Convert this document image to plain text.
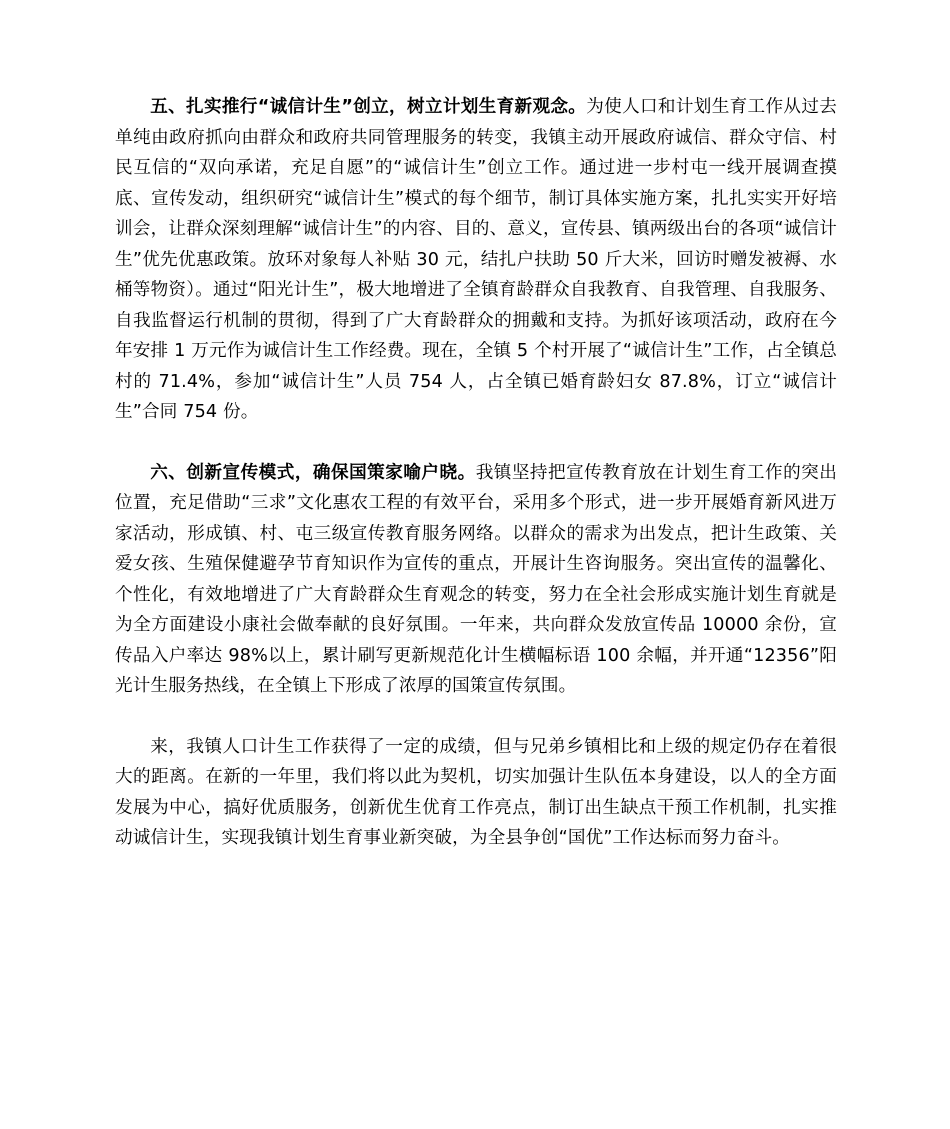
五、扎实推行“诚信计生”创立，树立计划生育新观念。为使人口和计划生育工作从过去单纯由政府抓向由群众和政府共同管理服务的转变，我镇主动开展政府诚信、群众守信、村民互信的“双向承诺，充足自愿”的“诚信计生”创立工作。通过进一步村屯一线开展调查摸底、宣传发动，组织研究“诚信计生”模式的每个细节，制订具体实施方案，扎扎实实开好培训会，让群众深刻理解“诚信计生”的内容、目的、意义，宣传县、镇两级出台的各项“诚信计生”优先优惠政策。放环对象每人补贴 30 元，结扎户扶助 50 斤大米，回访时赠发被褥、水桶等物资）。通过“阳光计生”，极大地增进了全镇育龄群众自我教育、自我管理、自我服务、自我监督运行机制的贯彻，得到了广大育龄群众的拥戴和支持。为抓好该项活动，政府在今年安排 1 万元作为诚信计生工作经费。现在，全镇 5 个村开展了“诚信计生”工作，占全镇总村的 71.4%，参加“诚信计生”人员 754 人，占全镇已婚育龄妇女 87.8%，订立“诚信计生”合同 754 份。

六、创新宣传模式，确保国策家喻户晓。我镇坚持把宣传教育放在计划生育工作的突出位置，充足借助“三求”文化惠农工程的有效平台，采用多个形式，进一步开展婚育新风进万家活动，形成镇、村、屯三级宣传教育服务网络。以群众的需求为出发点，把计生政策、关爱女孩、生殖保健避孕节育知识作为宣传的重点，开展计生咨询服务。突出宣传的温馨化、个性化，有效地增进了广大育龄群众生育观念的转变，努力在全社会形成实施计划生育就是为全方面建设小康社会做奉献的良好氛围。一年来，共向群众发放宣传品 10000 余份，宣传品入户率达 98%以上，累计刷写更新规范化计生横幅标语 100 余幅，并开通“12356”阳光计生服务热线，在全镇上下形成了浓厚的国策宣传氛围。

来，我镇人口计生工作获得了一定的成绩，但与兄弟乡镇相比和上级的规定仍存在着很大的距离。在新的一年里，我们将以此为契机，切实加强计生队伍本身建设，以人的全方面发展为中心，搞好优质服务，创新优生优育工作亮点，制订出生缺点干预工作机制，扎实推动诚信计生，实现我镇计划生育事业新突破，为全县争创“国优”工作达标而努力奋斗。
